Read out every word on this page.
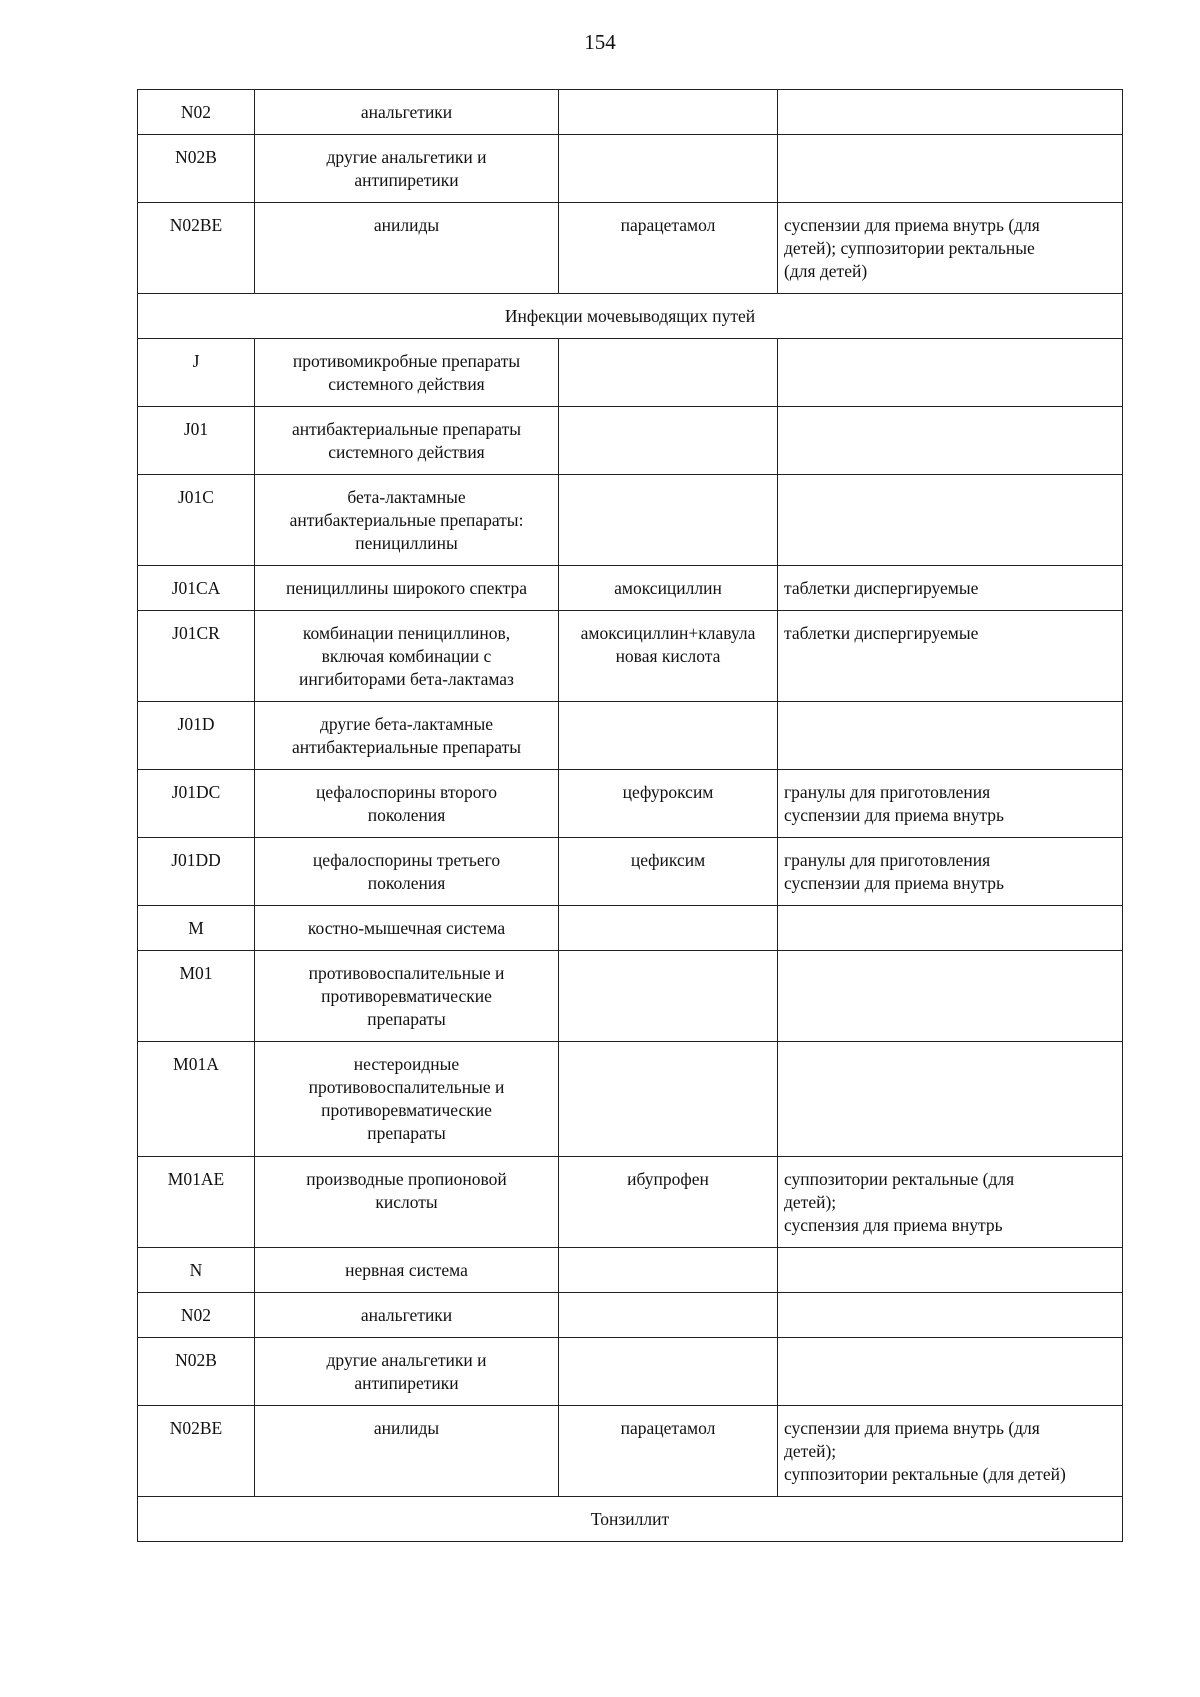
154
N02	анальгетики		
N02B	другие анальгетики и
антипиретики		
N02BE	анилиды	парацетамол	суспензии для приема внутрь (для
детей); суппозитории ректальные
(для детей)
Инфекции мочевыводящих путей			
J	противомикробные препараты
системного действия		
J01	антибактериальные препараты
системного действия		
J01C	бета-лактамные
антибактериальные препараты:
пенициллины		
J01CA	пенициллины широкого спектра	амоксициллин	таблетки диспергируемые
J01CR	комбинации пенициллинов,
включая комбинации с
ингибиторами бета-лактамаз	амоксициллин+клавула
новая кислота	таблетки диспергируемые
J01D	другие бета-лактамные
антибактериальные препараты		
J01DC	цефалоспорины второго
поколения	цефуроксим	гранулы для приготовления
суспензии для приема внутрь
J01DD	цефалоспорины третьего
поколения	цефиксим	гранулы для приготовления
суспензии для приема внутрь
M	костно-мышечная система		
M01	противовоспалительные и
противоревматические
препараты		
M01A	нестероидные
противовоспалительные и
противоревматические
препараты		
M01AE	производные пропионовой
кислоты	ибупрофен	суппозитории ректальные (для
детей);
суспензия для приема внутрь
N	нервная система		
N02	анальгетики		
N02B	другие анальгетики и
антипиретики		
N02BE	анилиды	парацетамол	суспензии для приема внутрь (для
детей);
суппозитории ректальные (для детей)
Тонзиллит			
